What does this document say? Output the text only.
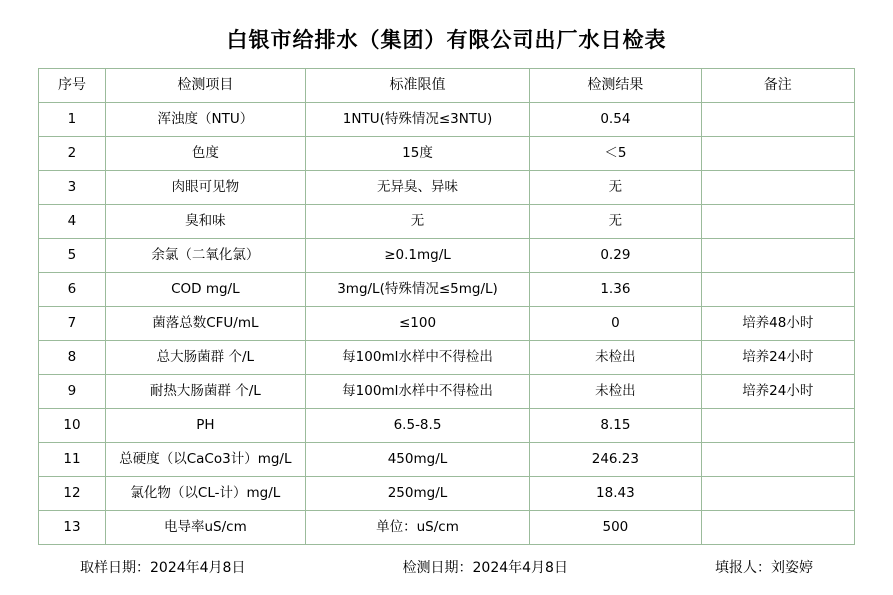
白银市给排水（集团）有限公司出厂水日检表
序号	检测项目	标准限值	检测结果	备注
1	浑浊度（NTU）	1NTU(特殊情况≤3NTU)	0.54	
2	色度	15度	＜5	
3	肉眼可见物	无异臭、异味	无	
4	臭和味	无	无	
5	余氯（二氧化氯）	≥0.1mg/L	0.29	
6	COD mg/L	3mg/L(特殊情况≤5mg/L)	1.36	
7	菌落总数CFU/mL	≤100	0	培养48小时
8	总大肠菌群 个/L	每100ml水样中不得检出	未检出	培养24小时
9	耐热大肠菌群 个/L	每100ml水样中不得检出	未检出	培养24小时
10	PH	6.5-8.5	8.15	
11	总硬度（以CaCo3计）mg/L	450mg/L	246.23	
12	氯化物（以CL-计）mg/L	250mg/L	18.43	
13	电导率uS/cm	单位：uS/cm	500	
取样日期：2024年4月8日	检测日期：2024年4月8日	填报人：刘姿婷
